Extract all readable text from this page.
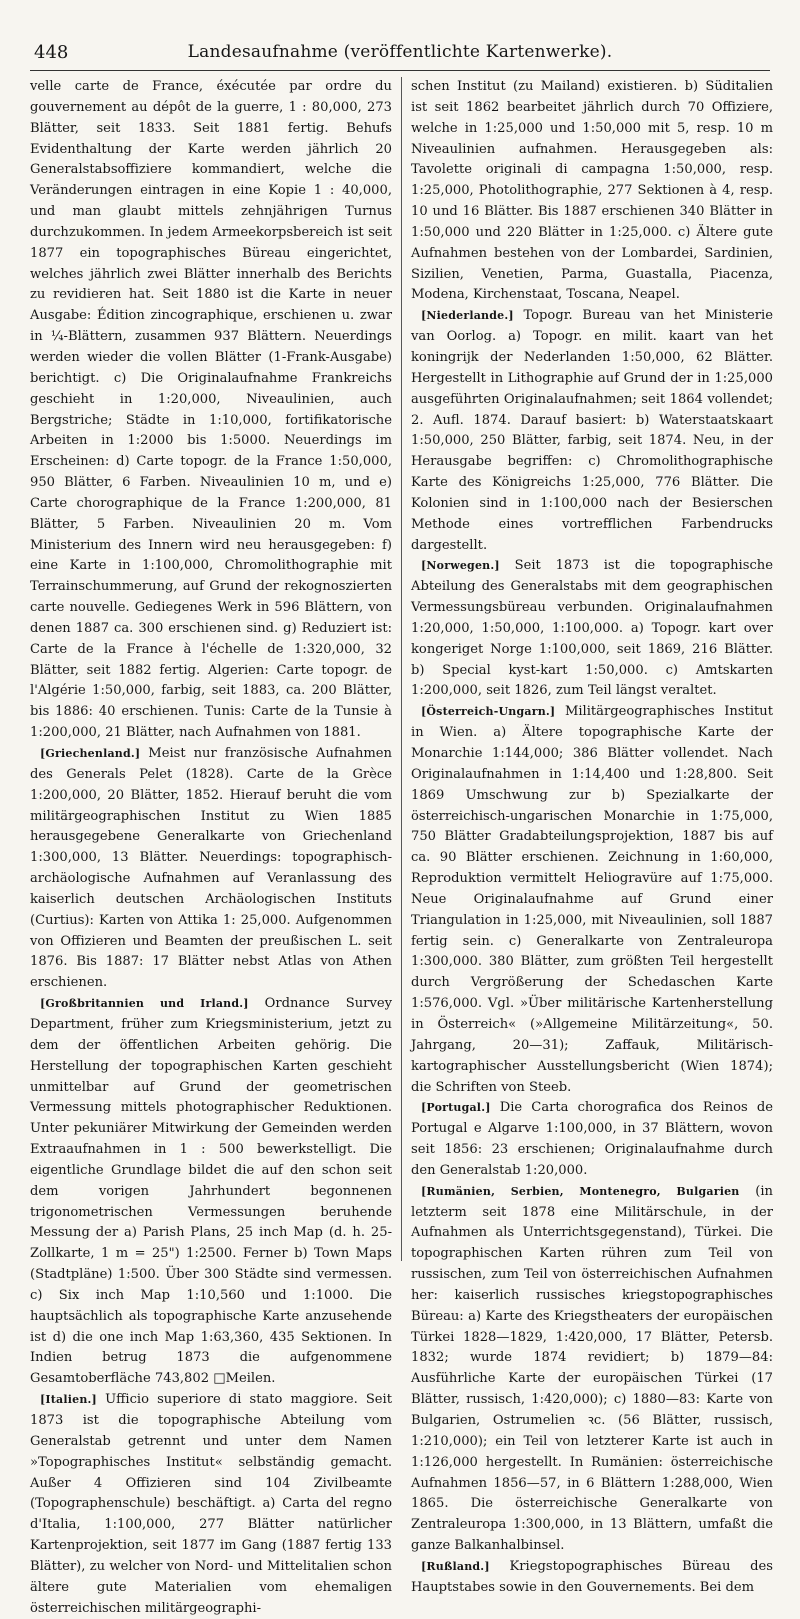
448	Landesaufnahme (veröffentlichte Kartenwerke).

velle carte de France, éxécutée par ordre du gouvernement au dépôt de la guerre, 1 : 80,000, 273 Blätter, seit 1833. Seit 1881 fertig. Behufs Evidenthaltung der Karte werden jährlich 20 Generalstabsoffiziere kommandiert, welche die Veränderungen eintragen in eine Kopie 1 : 40,000, und man glaubt mittels zehnjährigen Turnus durchzukommen. In jedem Armeekorpsbereich ist seit 1877 ein topographisches Büreau eingerichtet, welches jährlich zwei Blätter innerhalb des Berichts zu revidieren hat. Seit 1880 ist die Karte in neuer Ausgabe: Édition zincographique, erschienen u. zwar in ¼-Blättern, zusammen 937 Blättern. Neuerdings werden wieder die vollen Blätter (1-Frank-Ausgabe) berichtigt. c) Die Originalaufnahme Frankreichs geschieht in 1:20,000, Niveaulinien, auch Bergstriche; Städte in 1:10,000, fortifikatorische Arbeiten in 1:2000 bis 1:5000. Neuerdings im Erscheinen: d) Carte topogr. de la France 1:50,000, 950 Blätter, 6 Farben. Niveaulinien 10 m, und e) Carte chorographique de la France 1:200,000, 81 Blätter, 5 Farben. Niveaulinien 20 m. Vom Ministerium des Innern wird neu herausgegeben: f) eine Karte in 1:100,000, Chromolithographie mit Terrainschummerung, auf Grund der rekognoszierten carte nouvelle. Gediegenes Werk in 596 Blättern, von denen 1887 ca. 300 erschienen sind. g) Reduziert ist: Carte de la France à l'échelle de 1:320,000, 32 Blätter, seit 1882 fertig. Algerien: Carte topogr. de l'Algérie 1:50,000, farbig, seit 1883, ca. 200 Blätter, bis 1886: 40 erschienen. Tunis: Carte de la Tunsie à 1:200,000, 21 Blätter, nach Aufnahmen von 1881.

[Griechenland.] Meist nur französische Aufnahmen des Generals Pelet (1828). Carte de la Grèce 1:200,000, 20 Blätter, 1852. Hierauf beruht die vom militärgeographischen Institut zu Wien 1885 herausgegebene Generalkarte von Griechenland 1:300,000, 13 Blätter. Neuerdings: topographisch-archäologische Aufnahmen auf Veranlassung des kaiserlich deutschen Archäologischen Instituts (Curtius): Karten von Attika 1: 25,000. Aufgenommen von Offizieren und Beamten der preußischen L. seit 1876. Bis 1887: 17 Blätter nebst Atlas von Athen erschienen.

[Großbritannien und Irland.] Ordnance Survey Department, früher zum Kriegsministerium, jetzt zu dem der öffentlichen Arbeiten gehörig. Die Herstellung der topographischen Karten geschieht unmittelbar auf Grund der geometrischen Vermessung mittels photographischer Reduktionen. Unter pekuniärer Mitwirkung der Gemeinden werden Extraaufnahmen in 1 : 500 bewerkstelligt. Die eigentliche Grundlage bildet die auf den schon seit dem vorigen Jahrhundert begonnenen trigonometrischen Vermessungen beruhende Messung der a) Parish Plans, 25 inch Map (d. h. 25-Zollkarte, 1 m = 25") 1:2500. Ferner b) Town Maps (Stadtpläne) 1:500. Über 300 Städte sind vermessen. c) Six inch Map 1:10,560 und 1:1000. Die hauptsächlich als topographische Karte anzusehende ist d) die one inch Map 1:63,360, 435 Sektionen. In Indien betrug 1873 die aufgenommene Gesamtoberfläche 743,802 □Meilen.

[Italien.] Ufficio superiore di stato maggiore. Seit 1873 ist die topographische Abteilung vom Generalstab getrennt und unter dem Namen »Topographisches Institut« selbständig gemacht. Außer 4 Offizieren sind 104 Zivilbeamte (Topographenschule) beschäftigt. a) Carta del regno d'Italia, 1:100,000, 277 Blätter natürlicher Kartenprojektion, seit 1877 im Gang (1887 fertig 133 Blätter), zu welcher von Nord- und Mittelitalien schon ältere gute Materialien vom ehemaligen österreichischen militärgeographi-

schen Institut (zu Mailand) existieren. b) Süditalien ist seit 1862 bearbeitet jährlich durch 70 Offiziere, welche in 1:25,000 und 1:50,000 mit 5, resp. 10 m Niveaulinien aufnahmen. Herausgegeben als: Tavolette originali di campagna 1:50,000, resp. 1:25,000, Photolithographie, 277 Sektionen à 4, resp. 10 und 16 Blätter. Bis 1887 erschienen 340 Blätter in 1:50,000 und 220 Blätter in 1:25,000. c) Ältere gute Aufnahmen bestehen von der Lombardei, Sardinien, Sizilien, Venetien, Parma, Guastalla, Piacenza, Modena, Kirchenstaat, Toscana, Neapel.

[Niederlande.] Topogr. Bureau van het Ministerie van Oorlog. a) Topogr. en milit. kaart van het koningrijk der Nederlanden 1:50,000, 62 Blätter. Hergestellt in Lithographie auf Grund der in 1:25,000 ausgeführten Originalaufnahmen; seit 1864 vollendet; 2. Aufl. 1874. Darauf basiert: b) Waterstaatskaart 1:50,000, 250 Blätter, farbig, seit 1874. Neu, in der Herausgabe begriffen: c) Chromolithographische Karte des Königreichs 1:25,000, 776 Blätter. Die Kolonien sind in 1:100,000 nach der Besierschen Methode eines vortrefflichen Farbendrucks dargestellt.

[Norwegen.] Seit 1873 ist die topographische Abteilung des Generalstabs mit dem geographischen Vermessungsbüreau verbunden. Originalaufnahmen 1:20,000, 1:50,000, 1:100,000. a) Topogr. kart over kongeriget Norge 1:100,000, seit 1869, 216 Blätter. b) Special kyst-kart 1:50,000. c) Amtskarten 1:200,000, seit 1826, zum Teil längst veraltet.

[Österreich-Ungarn.] Militärgeographisches Institut in Wien. a) Ältere topographische Karte der Monarchie 1:144,000; 386 Blätter vollendet. Nach Originalaufnahmen in 1:14,400 und 1:28,800. Seit 1869 Umschwung zur b) Spezialkarte der österreichisch-ungarischen Monarchie in 1:75,000, 750 Blätter Gradabteilungsprojektion, 1887 bis auf ca. 90 Blätter erschienen. Zeichnung in 1:60,000, Reproduktion vermittelt Heliogravüre auf 1:75,000. Neue Originalaufnahme auf Grund einer Triangulation in 1:25,000, mit Niveaulinien, soll 1887 fertig sein. c) Generalkarte von Zentraleuropa 1:300,000. 380 Blätter, zum größten Teil hergestellt durch Vergrößerung der Schedaschen Karte 1:576,000. Vgl. »Über militärische Kartenherstellung in Österreich« (»Allgemeine Militärzeitung«, 50. Jahrgang, 20—31); Zaffauk, Militärisch-kartographischer Ausstellungsbericht (Wien 1874); die Schriften von Steeb.

[Portugal.] Die Carta chorografica dos Reinos de Portugal e Algarve 1:100,000, in 37 Blättern, wovon seit 1856: 23 erschienen; Originalaufnahme durch den Generalstab 1:20,000.

[Rumänien, Serbien, Montenegro, Bulgarien (in letzterm seit 1878 eine Militärschule, in der Aufnahmen als Unterrichtsgegenstand), Türkei. Die topographischen Karten rühren zum Teil von russischen, zum Teil von österreichischen Aufnahmen her: kaiserlich russisches kriegstopographisches Büreau: a) Karte des Kriegstheaters der europäischen Türkei 1828—1829, 1:420,000, 17 Blätter, Petersb. 1832; wurde 1874 revidiert; b) 1879—84: Ausführliche Karte der europäischen Türkei (17 Blätter, russisch, 1:420,000); c) 1880—83: Karte von Bulgarien, Ostrumelien ꝛc. (56 Blätter, russisch, 1:210,000); ein Teil von letzterer Karte ist auch in 1:126,000 hergestellt. In Rumänien: österreichische Aufnahmen 1856—57, in 6 Blättern 1:288,000, Wien 1865. Die österreichische Generalkarte von Zentraleuropa 1:300,000, in 13 Blättern, umfaßt die ganze Balkanhalbinsel.

[Rußland.] Kriegstopographisches Büreau des Hauptstabes sowie in den Gouvernements. Bei dem
